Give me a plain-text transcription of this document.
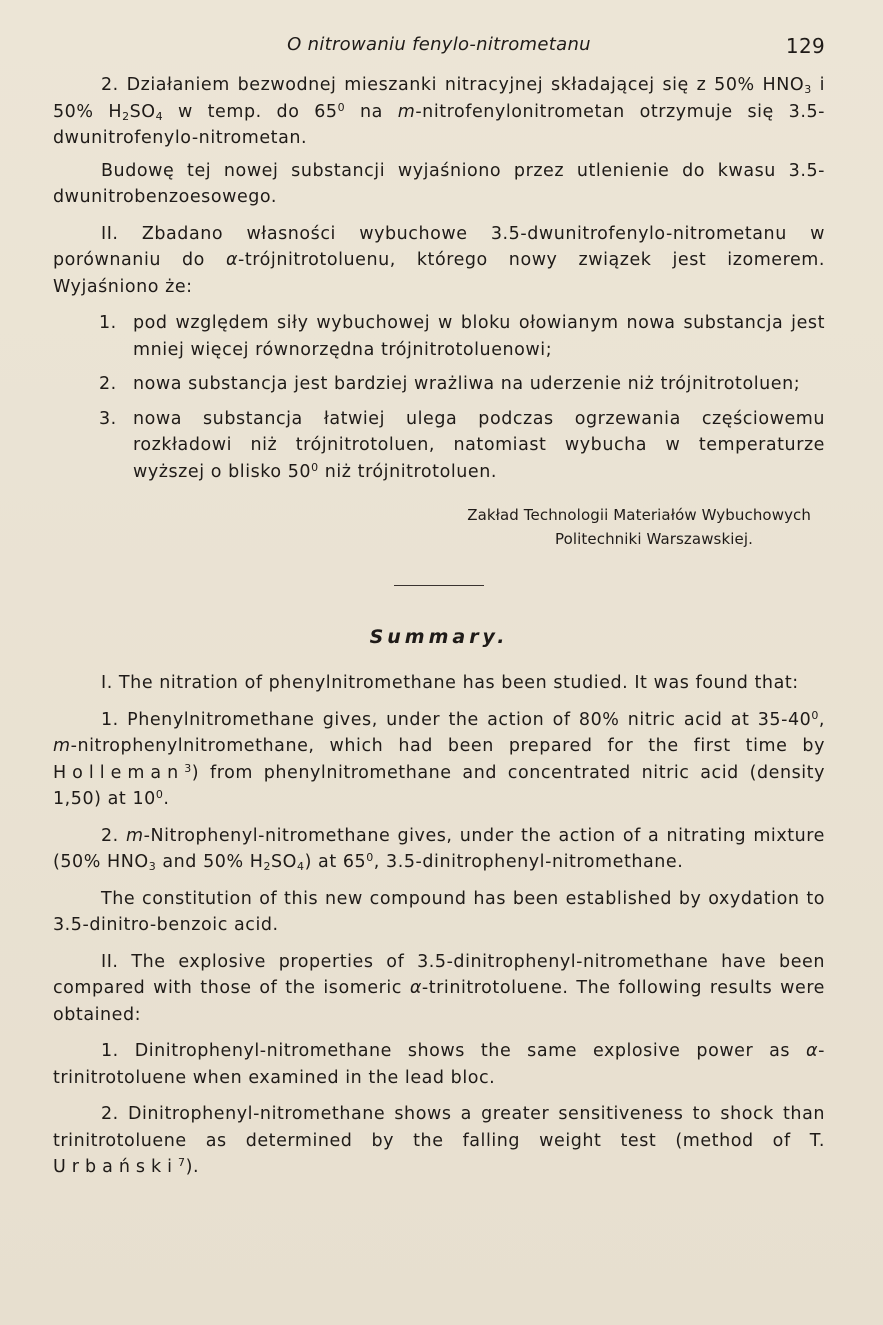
O nitrowaniu fenylo-nitrometanu	129

2. Działaniem bezwodnej mieszanki nitracyjnej składającej się z 50% $HNO_3$ i 50% $H_2SO_4$ w temp. do $65^0$ na m-nitrofenylonitrometan otrzymuje się 3.5-dwunitrofenylo-nitrometan.

Budowę tej nowej substancji wyjaśniono przez utlenienie do kwasu 3.5-dwunitrobenzoesowego.

II. Zbadano własności wybuchowe 3.5-dwunitrofenylo-nitrometanu w porównaniu do α-trójnitrotoluenu, którego nowy związek jest izomerem. Wyjaśniono że:

1. pod względem siły wybuchowej w bloku ołowianym nowa substancja jest mniej więcej równorzędna trójnitrotoluenowi;
2. nowa substancja jest bardziej wrażliwa na uderzenie niż trójnitrotoluen;
3. nowa substancja łatwiej ulega podczas ogrzewania częściowemu rozkładowi niż trójnitrotoluen, natomiast wybucha w temperaturze wyższej o blisko $50^0$ niż trójnitrotoluen.
Zakład Technologii Materiałów Wybuchowych
Politechniki Warszawskiej.
Summary.

I. The nitration of phenylnitromethane has been studied. It was found that:

1. Phenylnitromethane gives, under the action of 80% nitric acid at $35-40^0$, m-nitrophenylnitromethane, which had been prepared for the first time by Holleman$^3$) from phenylnitromethane and concentrated nitric acid (density 1,50) at $10^0$.

2. m-Nitrophenyl-nitromethane gives, under the action of a nitrating mixture (50% $HNO_3$ and 50% $H_2SO_4$) at $65^0$, 3.5-dinitrophenyl-nitromethane.

The constitution of this new compound has been established by oxydation to 3.5-dinitro-benzoic acid.

II. The explosive properties of 3.5-dinitrophenyl-nitromethane have been compared with those of the isomeric α-trinitrotoluene. The following results were obtained:

1. Dinitrophenyl-nitromethane shows the same explosive power as α-trinitrotoluene when examined in the lead bloc.

2. Dinitrophenyl-nitromethane shows a greater sensitiveness to shock than trinitrotoluene as determined by the falling weight test (method of T. Urbański$^7$).
